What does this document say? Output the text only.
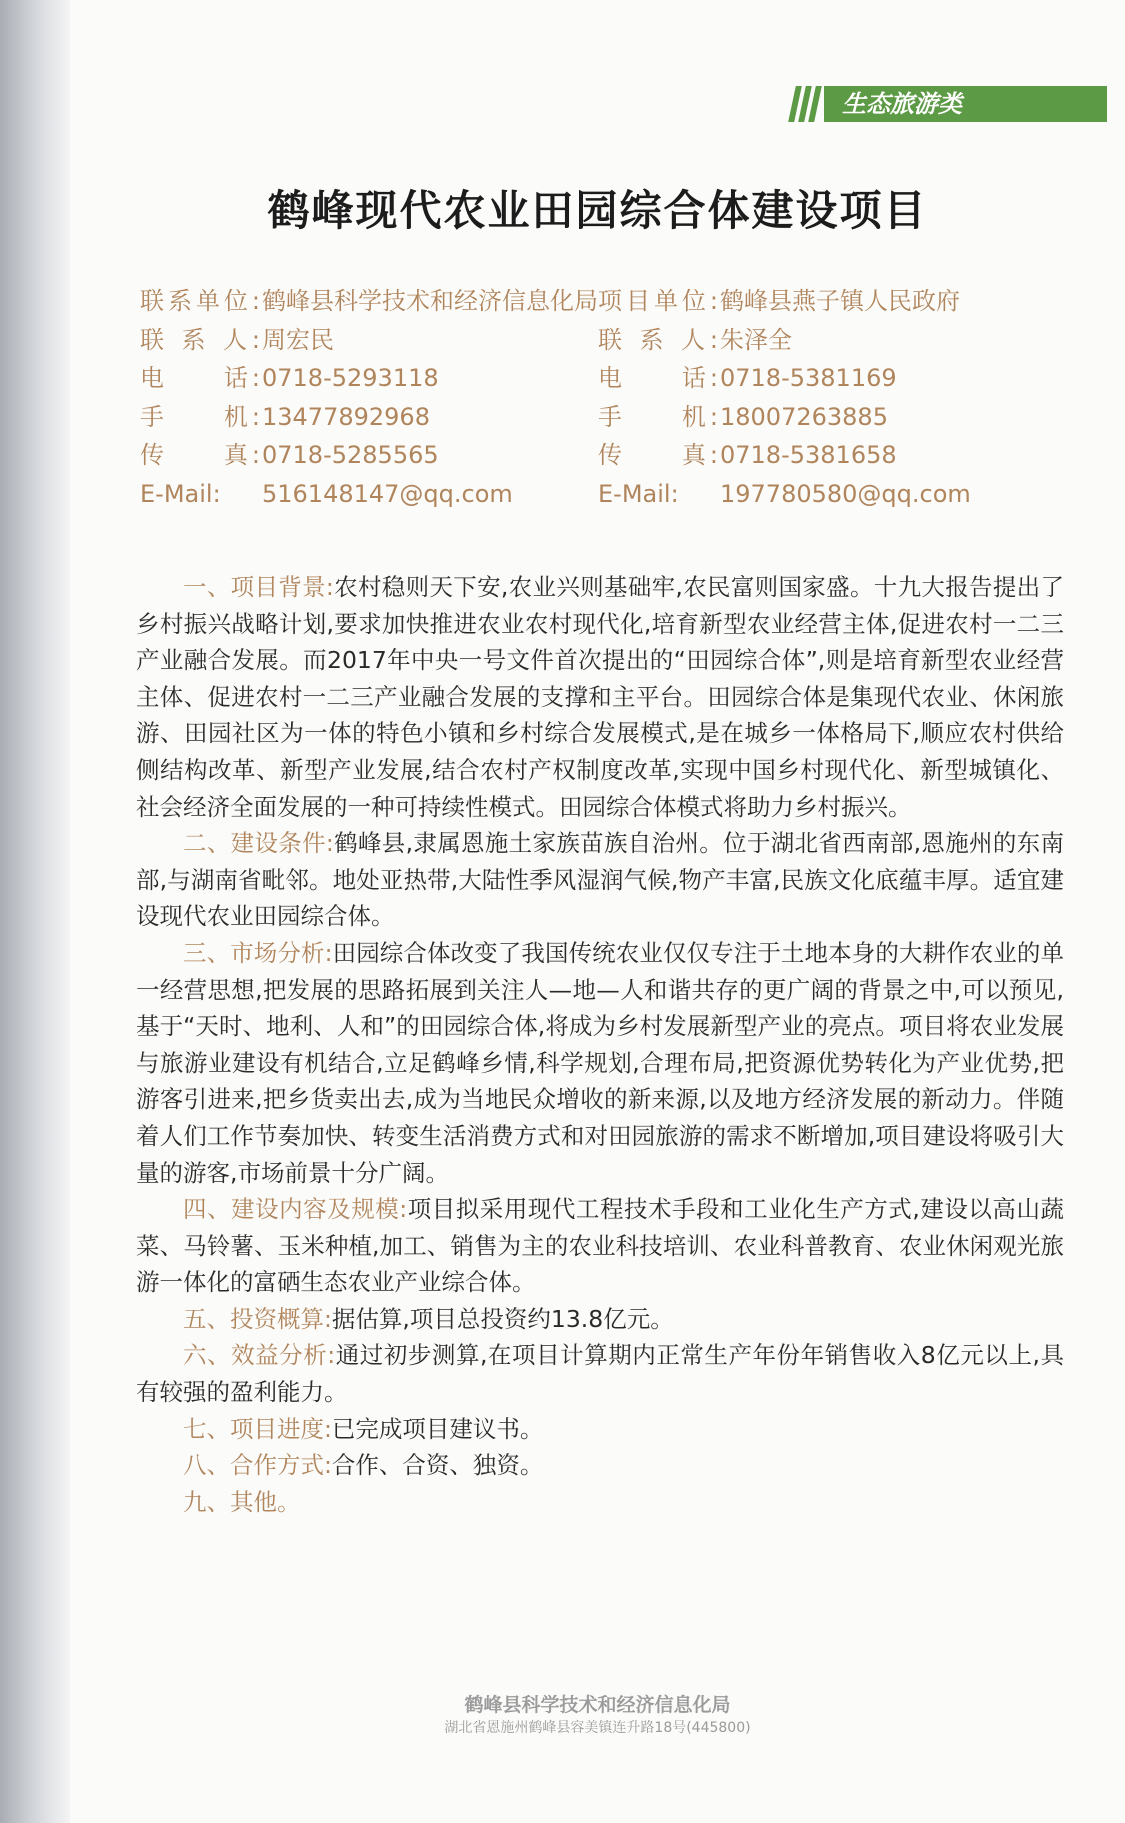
生态旅游类
鹤峰现代农业田园综合体建设项目
联系单位:鹤峰县科学技术和经济信息化局
联 系 人:周宏民
电　　话:0718-5293118
手　　机:13477892968
传　　真:0718-5285565
E-Mail: 516148147@qq.com
项目单位:鹤峰县燕子镇人民政府
联 系 人:朱泽全
电　　话:0718-5381169
手　　机:18007263885
传　　真:0718-5381658
E-Mail: 197780580@qq.com

一、项目背景:农村稳则天下安,农业兴则基础牢,农民富则国家盛。十九大报告提出了乡村振兴战略计划,要求加快推进农业农村现代化,培育新型农业经营主体,促进农村一二三产业融合发展。而2017年中央一号文件首次提出的“田园综合体”,则是培育新型农业经营主体、促进农村一二三产业融合发展的支撑和主平台。田园综合体是集现代农业、休闲旅游、田园社区为一体的特色小镇和乡村综合发展模式,是在城乡一体格局下,顺应农村供给侧结构改革、新型产业发展,结合农村产权制度改革,实现中国乡村现代化、新型城镇化、社会经济全面发展的一种可持续性模式。田园综合体模式将助力乡村振兴。

二、建设条件:鹤峰县,隶属恩施土家族苗族自治州。位于湖北省西南部,恩施州的东南部,与湖南省毗邻。地处亚热带,大陆性季风湿润气候,物产丰富,民族文化底蕴丰厚。适宜建设现代农业田园综合体。

三、市场分析:田园综合体改变了我国传统农业仅仅专注于土地本身的大耕作农业的单一经营思想,把发展的思路拓展到关注人—地—人和谐共存的更广阔的背景之中,可以预见,基于“天时、地利、人和”的田园综合体,将成为乡村发展新型产业的亮点。项目将农业发展与旅游业建设有机结合,立足鹤峰乡情,科学规划,合理布局,把资源优势转化为产业优势,把游客引进来,把乡货卖出去,成为当地民众增收的新来源,以及地方经济发展的新动力。伴随着人们工作节奏加快、转变生活消费方式和对田园旅游的需求不断增加,项目建设将吸引大量的游客,市场前景十分广阔。

四、建设内容及规模:项目拟采用现代工程技术手段和工业化生产方式,建设以高山蔬菜、马铃薯、玉米种植,加工、销售为主的农业科技培训、农业科普教育、农业休闲观光旅游一体化的富硒生态农业产业综合体。

五、投资概算:据估算,项目总投资约13.8亿元。

六、效益分析:通过初步测算,在项目计算期内正常生产年份年销售收入8亿元以上,具有较强的盈利能力。

七、项目进度:已完成项目建议书。

八、合作方式:合作、合资、独资。

九、其他。

鹤峰县科学技术和经济信息化局
湖北省恩施州鹤峰县容美镇连升路18号(445800)
